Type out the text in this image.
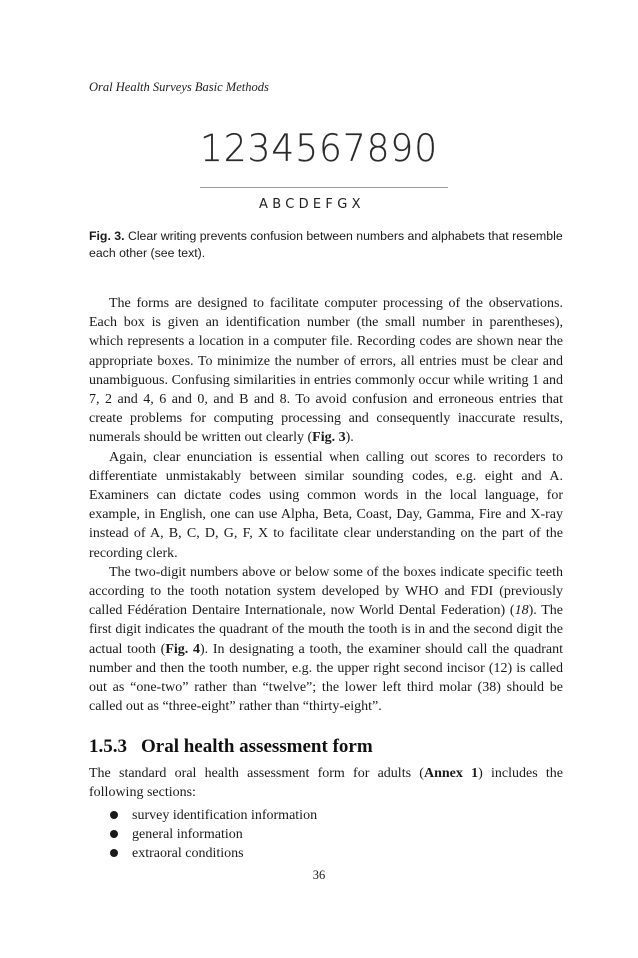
Oral Health Surveys Basic Methods
1234567890
ABCDEFGX
Fig. 3. Clear writing prevents confusion between numbers and alphabets that resemble each other (see text).

The forms are designed to facilitate computer processing of the observations. Each box is given an identification number (the small number in parentheses), which represents a location in a computer file. Recording codes are shown near the appropriate boxes. To minimize the number of errors, all entries must be clear and unambiguous. Confusing similarities in entries commonly occur while writing 1 and 7, 2 and 4, 6 and 0, and B and 8. To avoid confusion and erroneous entries that create problems for computing processing and consequently inaccurate results, numerals should be written out clearly (Fig. 3).

Again, clear enunciation is essential when calling out scores to recorders to differentiate unmistakably between similar sounding codes, e.g. eight and A. Examiners can dictate codes using common words in the local language, for example, in English, one can use Alpha, Beta, Coast, Day, Gamma, Fire and X-ray instead of A, B, C, D, G, F, X to facilitate clear understanding on the part of the recording clerk.

The two-digit numbers above or below some of the boxes indicate specific teeth according to the tooth notation system developed by WHO and FDI (previously called Fédération Dentaire Internationale, now World Dental Federation) (18). The first digit indicates the quadrant of the mouth the tooth is in and the second digit the actual tooth (Fig. 4). In designating a tooth, the examiner should call the quadrant number and then the tooth number, e.g. the upper right second incisor (12) is called out as “one-two” rather than “twelve”; the lower left third molar (38) should be called out as “three-eight” rather than “thirty-eight”.

1.5.3 Oral health assessment form

The standard oral health assessment form for adults (Annex 1) includes the following sections:

survey identification information
general information
extraoral conditions
36
